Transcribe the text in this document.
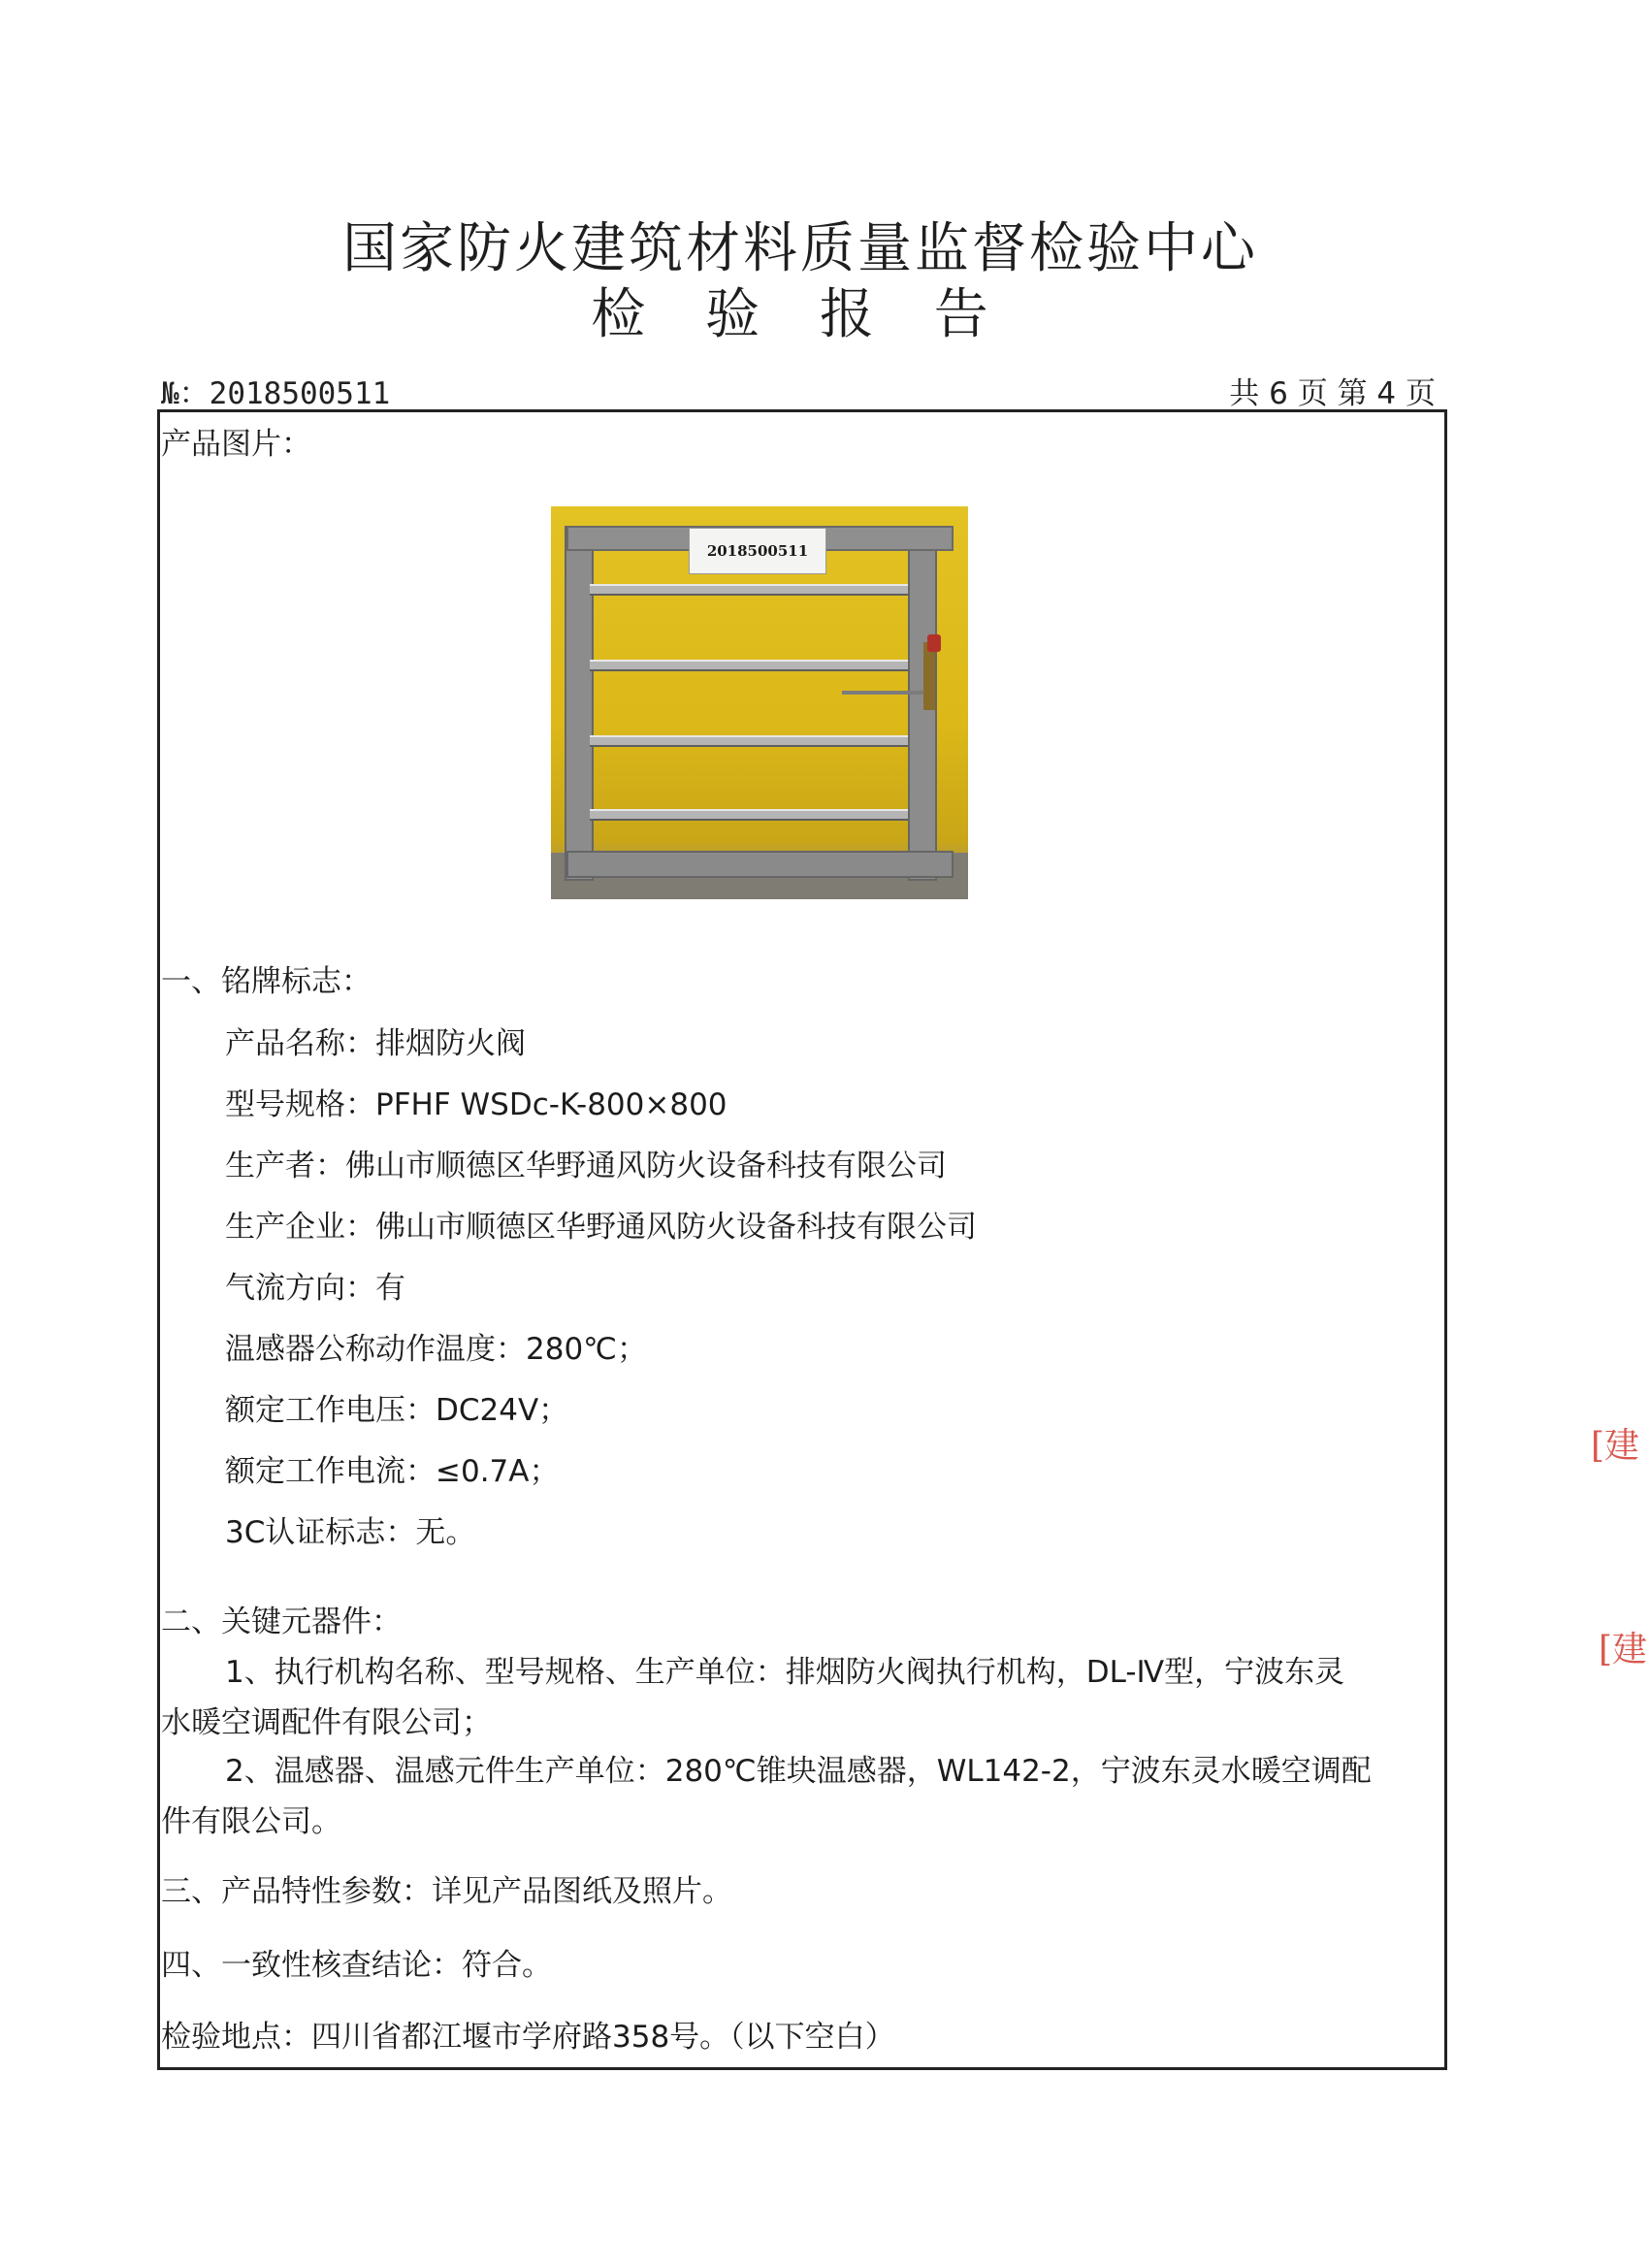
国家防火建筑材料质量监督检验中心
检 验 报 告
№：2018500511	共 6 页 第 4 页
产品图片：
2018500511
一、铭牌标志：
产品名称：排烟防火阀
型号规格：PFHF WSDc-K-800×800
生产者：佛山市顺德区华野通风防火设备科技有限公司
生产企业：佛山市顺德区华野通风防火设备科技有限公司
气流方向：有
温感器公称动作温度：280℃；
额定工作电压：DC24V；
额定工作电流：≤0.7A；
3C认证标志：无。
二、关键元器件：
1、执行机构名称、型号规格、生产单位：排烟防火阀执行机构，DL-Ⅳ型，宁波东灵
水暖空调配件有限公司；
2、温感器、温感元件生产单位：280℃锥块温感器，WL142-2，宁波东灵水暖空调配
件有限公司。
三、产品特性参数：详见产品图纸及照片。
四、一致性核查结论：符合。
检验地点：四川省都江堰市学府路358号。（以下空白）
[建
[建
